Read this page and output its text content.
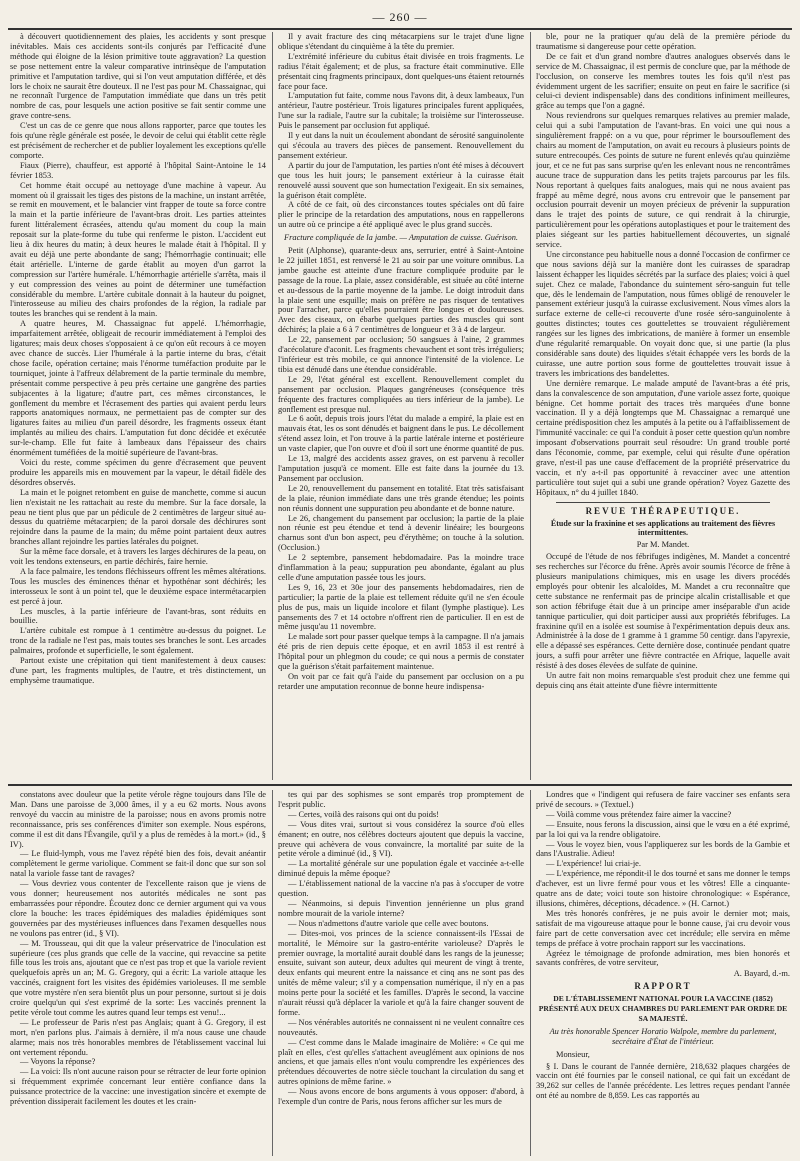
— 260 —

à découvert quotidiennement des plaies, les accidents y sont presque inévitables. Mais ces accidents sont-ils conjurés par l'efficacité d'une méthode qui éloigne de la lésion primitive toute aggravation? La question se pose nettement entre la valeur comparative intrinsèque de l'amputation primitive et l'amputation tardive, qui si l'on veut amputation différée, et dès lors le choix ne saurait être douteux. Il ne l'est pas pour M. Chassaignac, qui ne reconnaît l'urgence de l'amputation immédiate que dans un très petit nombre de cas, pour lesquels une action positive se fait sentir comme une grave contre-sens.

C'est un cas de ce genre que nous allons rapporter, parce que toutes les fois qu'une règle générale est posée, le devoir de celui qui établit cette règle est précisément de rechercher et de publier loyalement les exceptions qu'elle comporte.

Fiaux (Pierre), chauffeur, est apporté à l'hôpital Saint-Antoine le 14 février 1853.

Cet homme était occupé au nettoyage d'une machine à vapeur. Au moment où il graissait les tiges des pistons de la machine, un instant arrêtée, se remit en mouvement, et le balancier vint frapper de toute sa force contre la main et la partie inférieure de l'avant-bras droit. Les parties atteintes furent littéralement écrasées, attendu qu'au moment du coup la main reposait sur la plate-forme du tube qui renferme le piston. L'accident eut lieu à dix heures du matin; à deux heures le malade était à l'hôpital. Il y avait eu déjà une perte abondante de sang; l'hémorrhagie continuait; elle était artérielle. L'interne de garde établit au moyen d'un garrot la compression sur l'artère humérale. L'hémorrhagie artérielle s'arrêta, mais il y eut compression des veines au point de déterminer une tuméfaction considérable du membre. L'artère cubitale donnait à la hauteur du poignet, l'interosseuse au milieu des chairs profondes de la région, la radiale par toutes les branches qui se rendent à la main.

A quatre heures, M. Chassaignac fut appelé. L'hémorrhagie, imparfaitement arrêtée, obligeait de recourir immédiatement à l'emploi des ligatures; mais deux choses s'opposaient à ce qu'on eût recours à ce moyen avec chance de succès. Lier l'humérale à la partie interne du bras, c'était chose facile, opération certaine; mais l'énorme tuméfaction produite par le tourniquet, jointe à l'affreux délabrement de la partie terminale du membre, présentait comme perspective à peu près certaine une gangrène des parties subjacentes à la ligature; d'autre part, ces mêmes circonstances, le gonflement du membre et l'écrasement des parties qui avaient perdu leurs rapports anatomiques normaux, ne permettaient pas de compter sur des ligatures faites au milieu d'un pareil désordre, les fragments osseux étant implantés au milieu des chairs. L'amputation fut donc décidée et exécutée sur-le-champ. Elle fut faite à lambeaux dans l'épaisseur des chairs énormément tuméfiées de la moitié supérieure de l'avant-bras.

Voici du reste, comme spécimen du genre d'écrasement que peuvent produire les appareils mis en mouvement par la vapeur, le détail fidèle des désordres observés.

La main et le poignet retombent en guise de manchette, comme si aucun lien n'existait ne les rattachait au reste du membre. Sur la face dorsale, la peau ne tient plus que par un pédicule de 2 centimètres de largeur situé au-dessus du quatrième métacarpien; de la paroi dorsale des déchirures sont rejoindre dans la paume de la main; du même point partaient deux autres branches allant rejoindre les parties latérales du poignet.

Sur la même face dorsale, et à travers les larges déchirures de la peau, on voit les tendons extenseurs, en partie déchirés, faire hernie.

A la face palmaire, les tendons fléchisseurs offrent les mêmes altérations. Tous les muscles des éminences thénar et hypothénar sont déchirés; les interosseux le sont à un point tel, que le deuxième espace intermétacarpien est percé à jour.

Les muscles, à la partie inférieure de l'avant-bras, sont réduits en bouillie.

L'artère cubitale est rompue à 1 centimètre au-dessus du poignet. Le tronc de la radiale ne l'est pas, mais toutes ses branches le sont. Les arcades palmaires, profonde et superficielle, le sont également.

Partout existe une crépitation qui tient manifestement à deux causes: d'une part, les fragments multiples, de l'autre, et très distinctement, un emphysème traumatique.

Il y avait fracture des cinq métacarpiens sur le trajet d'une ligne oblique s'étendant du cinquième à la tête du premier.

L'extrémité inférieure du cubitus était divisée en trois fragments. Le radius l'était également; et de plus, sa fracture était comminutive. Elle présentait cinq fragments principaux, dont quelques-uns étaient retournés face pour face.

L'amputation fut faite, comme nous l'avons dit, à deux lambeaux, l'un antérieur, l'autre postérieur. Trois ligatures principales furent appliquées, l'une sur la radiale, l'autre sur la cubitale; la troisième sur l'interosseuse. Puis le pansement par occlusion fut appliqué.

Il y eut dans la nuit un écoulement abondant de sérosité sanguinolente qui s'écoula au travers des pièces de pansement. Renouvellement du pansement extérieur.

A partir du jour de l'amputation, les parties n'ont été mises à découvert que tous les huit jours; le pansement extérieur à la cuirasse était renouvelé aussi souvent que son humectation l'exigeait. En six semaines, la guérison était complète.

A côté de ce fait, où des circonstances toutes spéciales ont dû faire plier le principe de la retardation des amputations, nous en rappellerons un autre où ce principe a été appliqué avec le plus grand succès.

Fracture compliquée de la jambe. — Amputation de cuisse. Guérison.

Petit (Alphonse), quarante-deux ans, serrurier, entré à Saint-Antoine le 22 juillet 1851, est renversé le 21 au soir par une voiture omnibus. La jambe gauche est atteinte d'une fracture compliquée produite par le passage de la roue. La plaie, assez considérable, est située au côté interne et au-dessous de la partie moyenne de la jambe. Le doigt introduit dans la plaie sent une esquille; mais on préfère ne pas risquer de tentatives pour l'arracher, parce qu'elles pourraient être longues et douloureuses. Avec des ciseaux, on ébarbe quelques parties des muscles qui sont déchirés; la plaie a 6 à 7 centimètres de longueur et 3 à 4 de largeur.

Le 22, pansement par occlusion; 50 sangsues à l'aine, 2 grammes d'acécolature d'aconit. Les fragments chevauchent et sont très irréguliers; l'inférieur est très mobile, ce qui annonce l'intensité de la violence. Le tibia est dénudé dans une étendue considérable.

Le 29, l'état général est excellent. Renouvellement complet du pansement par occlusion. Plaques gangréneuses (conséquence très fréquente des fractures compliquées au tiers inférieur de la jambe). Le gonflement est presque nul.

Le 6 août, depuis trois jours l'état du malade a empiré, la plaie est en mauvais état, les os sont dénudés et baignent dans le pus. Le décollement s'étend assez loin, et l'on trouve à la partie latérale interne et postérieure un vaste clapier, que l'on ouvre et d'où il sort une énorme quantité de pus.

Le 13, malgré des accidents assez graves, on est parvenu à recoller l'amputation jusqu'à ce moment. Elle est faite dans la journée du 13. Pansement par occlusion.

Le 20, renouvellement du pansement en totalité. Etat très satisfaisant de la plaie, réunion immédiate dans une très grande étendue; les points non réunis donnent une suppuration peu abondante et de bonne nature.

Le 26, changement du pansement par occlusion; la partie de la plaie non réunie est peu étendue et tend à devenir linéaire; les bourgeons charnus sont d'un bon aspect, peu d'érythème; on touche à la solution. (Occlusion.)

Le 2 septembre, pansement hebdomadaire. Pas la moindre trace d'inflammation à la peau; suppuration peu abondante, égalant au plus celle d'une amputation passée tous les jours.

Les 9, 16, 23 et 30e jour des pansements hebdomadaires, rien de particulier; la partie de la plaie est tellement réduite qu'il ne s'en écoule plus de pus, mais un liquide incolore et filant (lymphe plastique). Les pansements des 7 et 14 octobre n'offrent rien de particulier. Il en est de même jusqu'au 11 novembre.

Le malade sort pour passer quelque temps à la campagne. Il n'a jamais été pris de rien depuis cette époque, et en avril 1853 il est rentré à l'hôpital pour un phlegmon du coude; ce qui nous a permis de constater que la guérison s'était parfaitement maintenue.

On voit par ce fait qu'à l'aide du pansement par occlusion on a pu retarder une amputation reconnue de bonne heure indispensa-

ble, pour ne la pratiquer qu'au delà de la première période du traumatisme si dangereuse pour cette opération.

De ce fait et d'un grand nombre d'autres analogues observés dans le service de M. Chassaignac, il est permis de conclure que, par la méthode de l'occlusion, on conserve les membres toutes les fois qu'il n'est pas évidemment urgent de les sacrifier; ensuite on peut en faire le sacrifice (si celui-ci devient indispensable) dans des conditions infiniment meilleures, grâce au temps que l'on a gagné.

Nous reviendrons sur quelques remarques relatives au premier malade, celui qui a subi l'amputation de l'avant-bras. En voici une qui nous a singulièrement frappé: on a vu que, pour réprimer le boursouflement des chairs au moment de l'amputation, on avait eu recours à plusieurs points de suture entrecoupés. Ces points de suture ne furent enlevés qu'au quinzième jour, et ce ne fut pas sans surprise qu'en les enlevant nous ne rencontrâmes aucune trace de suppuration dans les petits trajets parcourus par les fils. Nous reportant à quelques faits analogues, mais qui ne nous avaient pas frappé au même degré, nous avons cru entrevoir que le pansement par occlusion pourrait devenir un moyen précieux de prévenir la suppuration dans le trajet des points de suture, ce qui rendrait à la chirurgie, particulièrement pour les opérations autoplastiques et pour le traitement des plaies siégeant sur les parties habituellement découvertes, un signalé service.

Une circonstance peu habituelle nous a donné l'occasion de confirmer ce que nous savions déjà sur la manière dont les cuirasses de sparadrap laissent échapper les liquides sécrétés par la surface des plaies; voici à quel sujet. Chez ce malade, l'abondance du suintement séro-sanguin fut telle que, dès le lendemain de l'amputation, nous fûmes obligé de renouveler le pansement extérieur jusqu'à la cuirasse exclusivement. Nous vîmes alors la surface externe de celle-ci recouverte d'une rosée séro-sanguinolente à gouttes distinctes; toutes ces gouttelettes se trouvaient régulièrement rangées sur les lignes des imbrications, de manière à former un ensemble d'une régularité remarquable. On voyait donc que, si une partie (la plus considérable sans doute) des liquides s'était échappée vers les bords de la cuirasse, une autre portion sous forme de gouttelettes trouvait issue à travers les imbrications des bandelettes.

Une dernière remarque. Le malade amputé de l'avant-bras a été pris, dans la convalescence de son amputation, d'une variole assez forte, quoique bénigne. Cet homme portait des traces très marquées d'une bonne vaccination. Il y a déjà longtemps que M. Chassaignac a remarqué une certaine prédisposition chez les amputés à la petite ou à l'affaiblissement de l'immunité vaccinale: ce qui l'a conduit à poser cette question qu'un nombre imposant d'observations pourrait seul résoudre: Un grand trouble porté dans l'économie, comme, par exemple, celui qui résulte d'une opération grave, n'est-il pas une cause d'effacement de la propriété préservatrice du vaccin, et n'y a-t-il pas opportunité à revacciner avec une attention particulière tout sujet qui a subi une grande opération? Voyez Gazette des Hôpitaux, n° du 4 juillet 1840.

REVUE THÉRAPEUTIQUE.

Étude sur la fraxinine et ses applications au traitement des fièvres intermittentes.

Par M. Mandet.

Occupé de l'étude de nos fébrifuges indigènes, M. Mandet a concentré ses recherches sur l'écorce du frêne. Après avoir soumis l'écorce de frêne à plusieurs manipulations chimiques, mis en usage les divers procédés employés pour obtenir les alcaloïdes, M. Mandet a cru reconnaître que cette substance ne renfermait pas de principe alcalin cristallisable et que son action fébrifuge était due à un principe amer inséparable d'un acide tannique particulier, qui doit participer aussi aux propriétés fébrifuges. La fraxinine qu'il en a isolée est soumise à l'expérimentation depuis deux ans. Administrée à la dose de 1 gramme à 1 gramme 50 centigr. dans l'apyrexie, elle a dépassé ses espérances. Cette dernière dose, continuée pendant quatre jours, a suffi pour arrêter une fièvre contractée en Afrique, laquelle avait résisté à des doses élevées de sulfate de quinine.

Un autre fait non moins remarquable s'est produit chez une femme qui depuis cinq ans était atteinte d'une fièvre intermittente

constatons avec douleur que la petite vérole règne toujours dans l'île de Man. Dans une paroisse de 3,000 âmes, il y a eu 62 morts. Nous avons renvoyé du vaccin au ministre de la paroisse; nous en avons promis notre reconnaissance, pris ses conférences d'imiter son exemple. Nous espérons, comme il est dit dans l'Évangile, qu'il y a plus de remèdes à la mort.» (id., § IV).

— Le fluid-lymph, vous me l'avez répété bien des fois, devait anéantir complètement le germe variolique. Comment se fait-il donc que sur son sol natal la variole fasse tant de ravages?

— Vous devriez vous contenter de l'excellente raison que je viens de vous donner; heureusement nos autorités médicales ne sont pas embarrassées pour répondre. Écoutez donc ce dernier argument qui va vous clore la bouche: les traces épidémiques des maladies épidémiques sont gouvernées par des mystérieuses influences dans l'examen desquelles nous ne voulons pas entrer (id., § VI).

— M. Trousseau, qui dit que la valeur préservatrice de l'inoculation est supérieure (ces plus grands que celle de la vaccine, qui revaccine sa petite fille tous les trois ans, ajoutant que ce n'est pas trop et que la variole revient quelquefois après un an; M. G. Gregory, qui a écrit: La variole attaque les vaccinés, craignent fort les visites des épidémies varioleuses. Il me semble que votre mystère n'en sera bientôt plus un pour personne, surtout si je dois croire quelqu'un qui s'est exprimé de la sorte: Les vaccinés prennent la petite vérole tout comme les autres quand leur temps est venu!...

— Le professeur de Paris n'est pas Anglais; quant à G. Gregory, il est mort, n'en parlons plus. J'aimais à dernière, il m'a nous cause une chaude alarme; mais nos très honorables membres de l'établissement vaccinal lui ont vertement répondu.

— Voyons la réponse?

— La voici: Ils n'ont aucune raison pour se rétracter de leur forte opinion si fréquemment exprimée concernant leur entière confiance dans la puissance protectrice de la vaccine: une investigation sincère et exempte de prévention dissiperait facilement les doutes et les crain-

tes qui par des sophismes se sont emparés trop promptement de l'esprit public.

— Certes, voilà des raisons qui ont du poids!

— Vous dites vrai, surtout si vous considérez la source d'où elles émanent; en outre, nos célèbres docteurs ajoutent que depuis la vaccine, preuve qui achèvera de vous convaincre, la mortalité par suite de la petite vérole a diminué (id., § VI).

— La mortalité générale sur une population égale et vaccinée a-t-elle diminué depuis la même époque?

— L'établissement national de la vaccine n'a pas à s'occuper de votre question.

— Néanmoins, si depuis l'invention jennérienne un plus grand nombre mourait de la variole interne?

— Nous n'admettons d'autre variole que celle avec boutons.

— Dites-moi, vos princes de la science connaissent-ils l'Essai de mortalité, le Mémoire sur la gastro-entérite varioleuse? D'après le premier ouvrage, la mortalité aurait doublé dans les rangs de la jeunesse; ensuite, suivant son auteur, deux adultes qui meurent de vingt à trente, deux enfants qui meurent entre la naissance et cinq ans ne sont pas des unités de même valeur; s'il y a compensation numérique, il n'y en a pas moins perte pour la société et les familles. D'après le second, la vaccine n'aurait réussi qu'à déplacer la variole et qu'à la faire changer souvent de forme.

— Nos vénérables autorités ne connaissent ni ne veulent connaître ces nouveautés.

— C'est comme dans le Malade imaginaire de Molière: « Ce qui me plaît en elles, c'est qu'elles s'attachent aveuglément aux opinions de nos anciens, et que jamais elles n'ont voulu comprendre les expériences des prétendues découvertes de notre siècle touchant la circulation du sang et autres opinions de même farine. »

— Nous avons encore de bons arguments à vous opposer: d'abord, à l'exemple d'un contre de Paris, nous ferons afficher sur les murs de

Londres que « l'indigent qui refusera de faire vacciner ses enfants sera privé de secours. » (Textuel.)

— Voilà comme vous prétendez faire aimer la vaccine?

— Ensuite, nous ferons la discussion, ainsi que le vœu en a été exprimé, par la loi qui va la rendre obligatoire.

— Vous le voyez bien, vous l'appliquerez sur les bords de la Gambie et dans l'Australie. Adieu!

— L'expérience! lui criai-je.

— L'expérience, me répondit-il le dos tourné et sans me donner le temps d'achever, est un livre fermé pour vous et les vôtres! Elle a cinquante-quatre ans de date; voici toute son histoire chronologique: « Espérance, illusions, chimères, déceptions, décadence. » (H. Carnot.)

Mes très honorés confrères, je ne puis avoir le dernier mot; mais, satisfait de ma vigoureuse attaque pour le bonne cause, j'ai cru devoir vous faire part de cette conversation avec cet incrédule; elle servira en même temps de préface à votre prochain rapport sur les vaccinations.

Agréez le témoignage de profonde admiration, mes bien honorés et savants confrères, de votre serviteur,

A. Bayard, d.-m.

RAPPORT

DE L'ÉTABLISSEMENT NATIONAL POUR LA VACCINE (1852) PRÉSENTÉ AUX DEUX CHAMBRES DU PARLEMENT PAR ORDRE DE SA MAJESTÉ.

Au très honorable Spencer Horatio Walpole, membre du parlement, secrétaire d'État de l'intérieur.

Monsieur,

§ I. Dans le courant de l'année dernière, 218,632 plaques chargées de vaccin ont été fournies par le conseil national, ce qui fait un excédant de 39,262 sur celles de l'année précédente. Les lettres reçues pendant l'année ont été au nombre de 8,859. Les cas rapportés au
